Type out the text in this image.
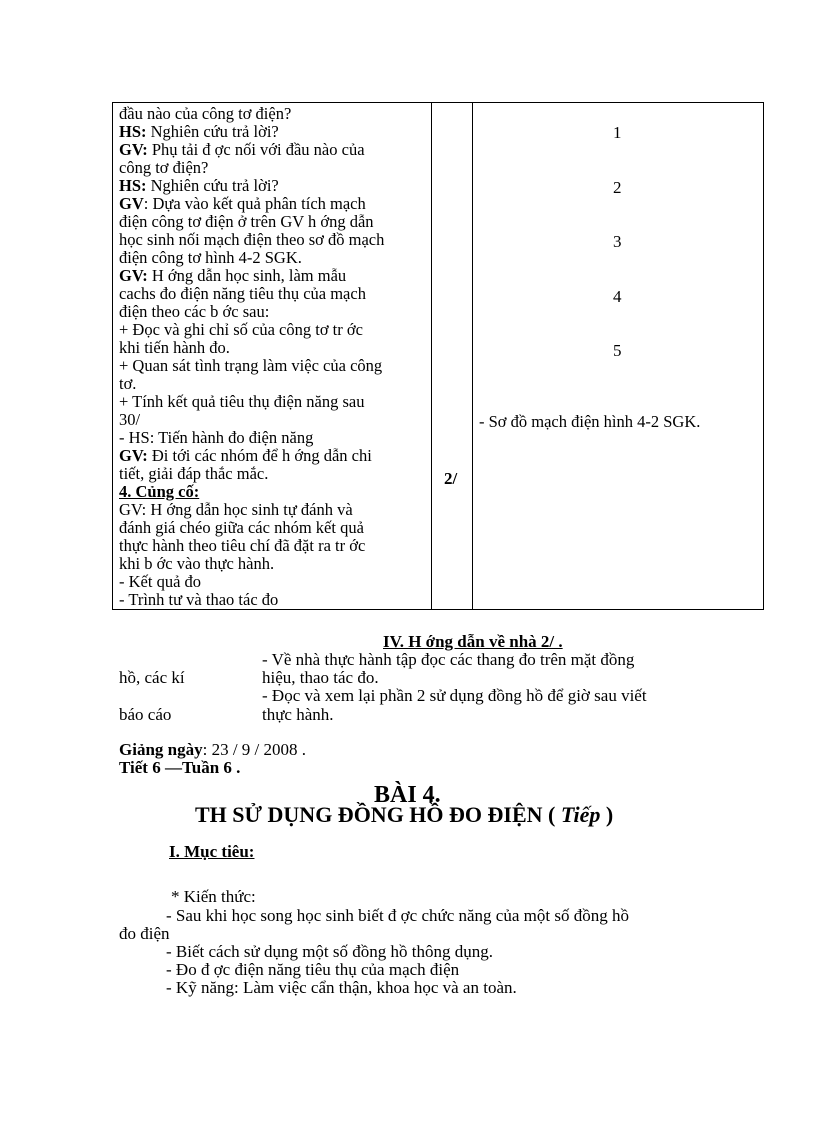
đầu nào của công tơ điện?
HS: Nghiên cứu trả lời?
GV: Phụ tải đ ợc nối với đầu nào của
công tơ điện?
HS: Nghiên cứu trả lời?
GV: Dựa vào kết quả phân tích mạch
điện công tơ điện ở trên GV h ớng dẫn
học sinh nối mạch điện theo sơ đồ mạch
điện công tơ hình 4-2 SGK.
GV: H ớng dẫn học sinh, làm mẫu
cachs đo điện năng tiêu thụ của mạch
điện theo các b ớc sau:
+ Đọc và ghi chỉ số của công tơ tr ớc
khi tiến hành đo.
+ Quan sát tình trạng làm việc của công
tơ.
+ Tính kết quả tiêu thụ điện năng sau
30/
- HS: Tiến hành đo điện năng
GV: Đi tới các nhóm để h ớng dẫn chi
tiết, giải đáp thắc mắc.
4. Củng cố:
GV: H ớng dẫn học sinh tự đánh và
đánh giá chéo giữa các nhóm kết quả
thực hành theo tiêu chí đã đặt ra tr ớc
khi b ớc vào thực hành.
- Kết quả đo
- Trình tư và thao tác đo
2/
1
2
3
4
5
- Sơ đồ mạch điện hình 4-2 SGK.
IV. H ớng dẫn về nhà 2/ .
- Về nhà thực hành tập đọc các thang đo trên mặt đồng
hiệu, thao tác đo.
hồ, các kí
- Đọc và xem lại phần 2 sử dụng đồng hồ để giờ sau viết
báo cáo	thực hành.
Giảng ngày: 23 / 9 / 2008 .
Tiết 6 —Tuần 6 .
BÀI 4.
TH SỬ DỤNG ĐỒNG HỒ ĐO ĐIỆN ( Tiếp )
I. Mục tiêu:
* Kiến thức:
- Sau khi học song học sinh biết đ ợc chức năng của một số đồng hồ
đo điện
- Biết cách sử dụng một số đồng hồ thông dụng.
- Đo đ ợc điện năng tiêu thụ của mạch điện
- Kỹ năng: Làm việc cẩn thận, khoa học và an toàn.
